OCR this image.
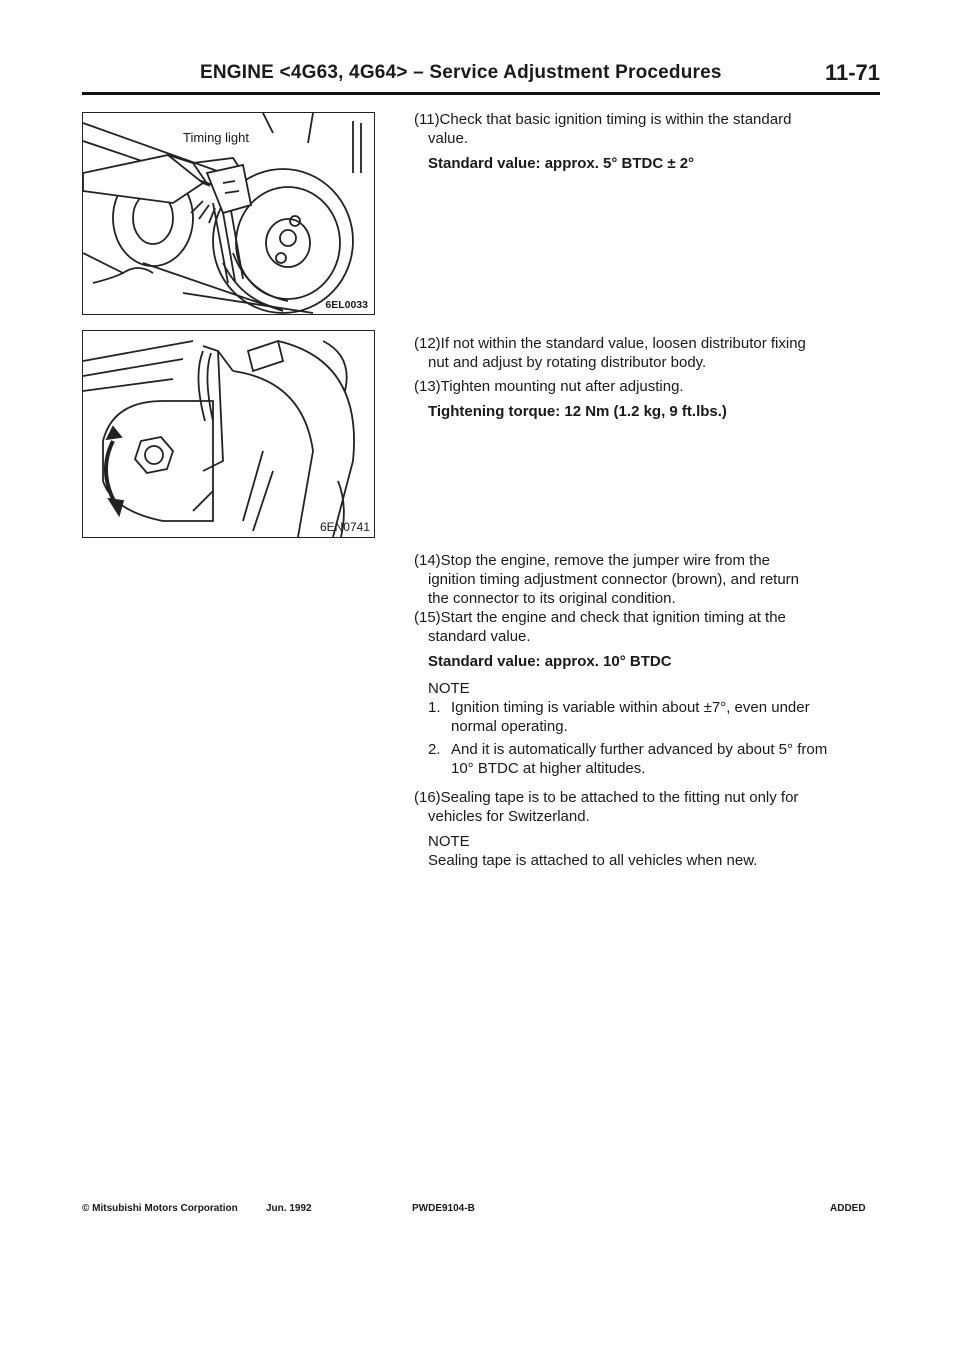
ENGINE <4G63, 4G64> – Service Adjustment Procedures	11-71
Timing light
6EL0033
6EN0741
(11)Check that basic ignition timing is within the standard
value.
Standard value: approx. 5° BTDC ± 2°
(12)If not within the standard value, loosen distributor fixing
nut and adjust by rotating distributor body.
(13)Tighten mounting nut after adjusting.
Tightening torque: 12 Nm (1.2 kg, 9 ft.lbs.)
(14)Stop the engine, remove the jumper wire from the
ignition timing adjustment connector (brown), and return
the connector to its original condition.
(15)Start the engine and check that ignition timing at the
standard value.
Standard value: approx. 10° BTDC
NOTE
1. Ignition timing is variable within about ±7°, even under
normal operating.
2. And it is automatically further advanced by about 5° from
10° BTDC at higher altitudes.
(16)Sealing tape is to be attached to the fitting nut only for
vehicles for Switzerland.
NOTE
Sealing tape is attached to all vehicles when new.
© Mitsubishi Motors Corporation	Jun. 1992	PWDE9104-B	ADDED
